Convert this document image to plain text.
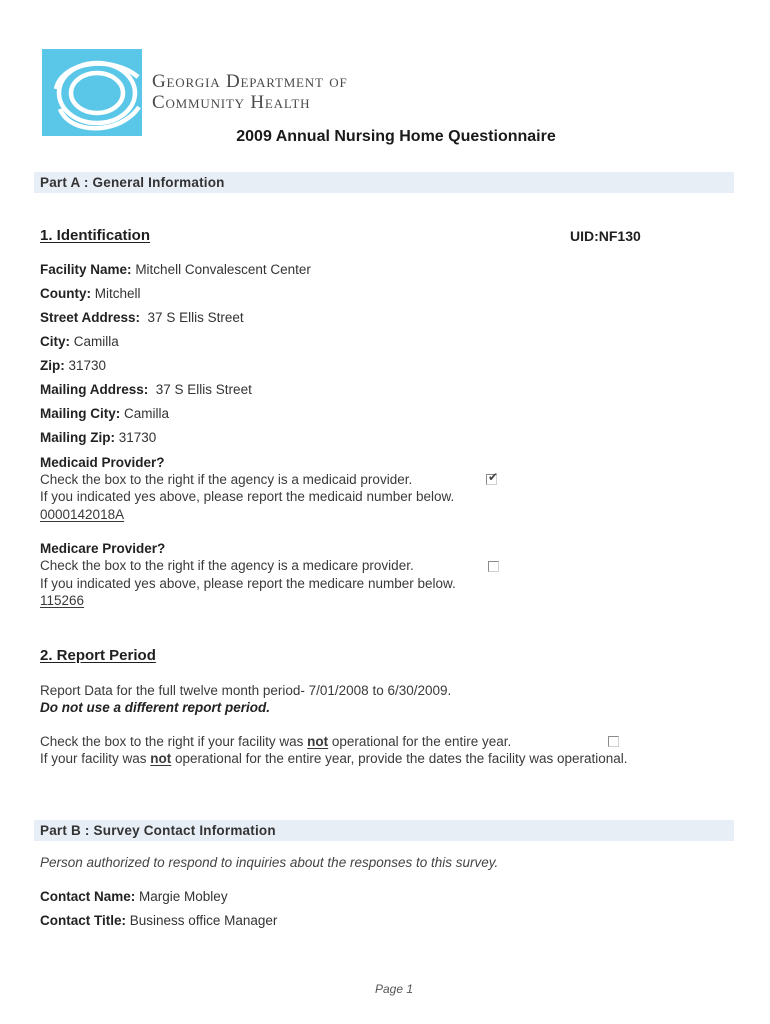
Georgia Department of
Community Health
2009 Annual Nursing Home Questionnaire
Part A : General Information
1. Identification	UID:NF130
Facility Name: Mitchell Convalescent Center
County: Mitchell
Street Address: 37 S Ellis Street
City: Camilla
Zip: 31730
Mailing Address: 37 S Ellis Street
Mailing City: Camilla
Mailing Zip: 31730
Medicaid Provider?
Check the box to the right if the agency is a medicaid provider.	✔
If you indicated yes above, please report the medicaid number below.
0000142018A
Medicare Provider?
Check the box to the right if the agency is a medicare provider.
If you indicated yes above, please report the medicare number below.
115266
2. Report Period
Report Data for the full twelve month period- 7/01/2008 to 6/30/2009.
Do not use a different report period.
Check the box to the right if your facility was not operational for the entire year.
If your facility was not operational for the entire year, provide the dates the facility was operational.
Part B : Survey Contact Information
Person authorized to respond to inquiries about the responses to this survey.
Contact Name: Margie Mobley
Contact Title: Business office Manager
Page 1
